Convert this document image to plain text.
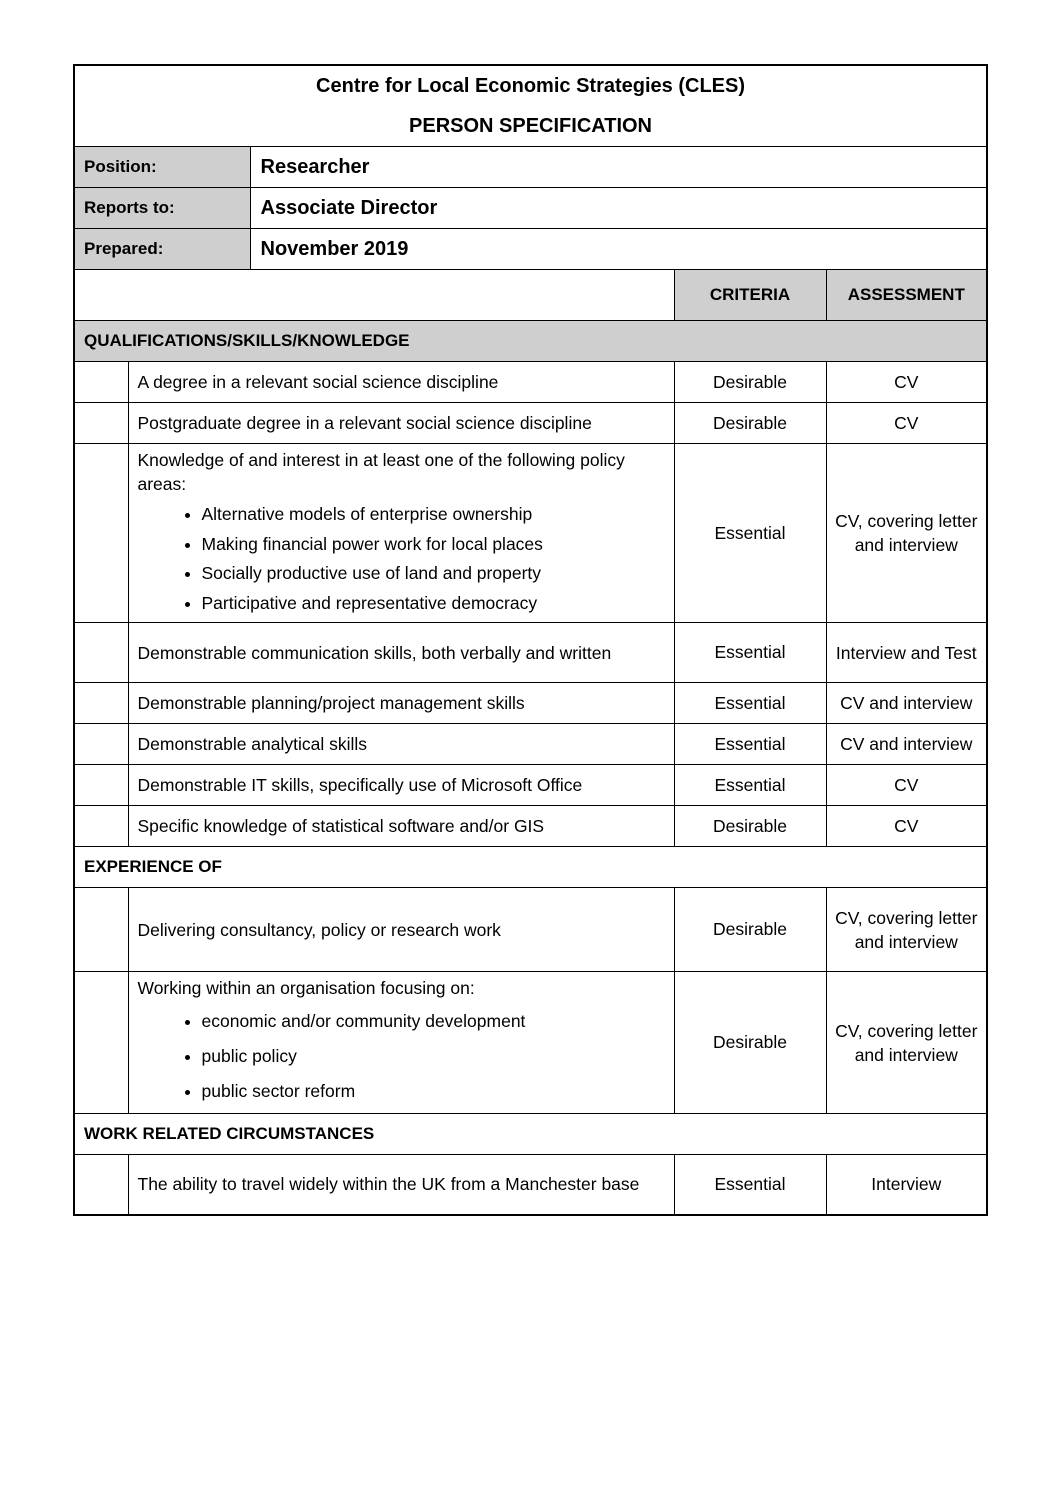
Centre for Local Economic Strategies (CLES)
PERSON SPECIFICATION				

Position:		Researcher		
Reports to:		Associate Director		
Prepared:		November 2019		
			CRITERIA	ASSESSMENT
QUALIFICATIONS/SKILLS/KNOWLEDGE				
	A degree in a relevant social science discipline		Desirable	CV
	Postgraduate degree in a relevant social science discipline		Desirable	CV

Knowledge of and interest in at least one of the following policy areas:
• Alternative models of enterprise ownership
• Making financial power work for local places
• Socially productive use of land and property
• Participative and representative democracy
	Essential	CV, covering letter and interview
	Demonstrable communication skills, both verbally and written		Essential	Interview and Test
	Demonstrable planning/project management skills		Essential	CV and interview
	Demonstrable analytical skills		Essential	CV and interview
	Demonstrable IT skills, specifically use of Microsoft Office		Essential	CV
	Specific knowledge of statistical software and/or GIS		Desirable	CV
EXPERIENCE OF				
	Delivering consultancy, policy or research work		Desirable	CV, covering letter and interview

Working within an organisation focusing on:
• economic and/or community development
• public policy
• public sector reform
	Desirable	CV, covering letter and interview
WORK RELATED CIRCUMSTANCES				
	The ability to travel widely within the UK from a Manchester base		Essential	Interview
